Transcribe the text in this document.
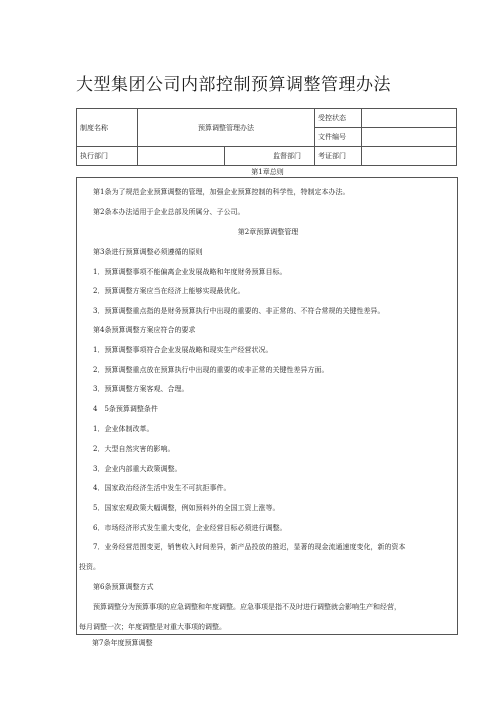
大型集团公司内部控制预算调整管理办法
制度名称	预算调整管理办法		受控状态	
			文件编号	
执行部门		监督部门	考证部门	
第1章总则
第1条为了规范企业预算调整的管理，加强企业预算控制的科学性，特制定本办法。
第2条本办法适用于企业总部及所属分、子公司。
第2章预算调整管理
第3条进行预算调整必须遵循的原则
1．预算调整事项不能偏离企业发展战略和年度财务预算目标。
2．预算调整方案应当在经济上能够实现最优化。
3．预算调整重点指的是财务预算执行中出现的重要的、非正常的、不符合常规的关键性差异。
第4条预算调整方案应符合的要求
1．预算调整事项符合企业发展战略和现实生产经营状况。
2．预算调整重点放在预算执行中出现的重要的或非正常的关键性差异方面。
3．预算调整方案客观、合理。
4　5条预算调整条件
1．企业体制改革。
2．大型自然灾害的影响。
3．企业内部重大政策调整。
4．国家政治经济生活中发生不可抗拒事件。
5．国家宏观政策大幅调整，例如预料外的全国工资上涨等。
6．市场经济形式发生重大变化，企业经营目标必须进行调整。
7．业务经营范围变更，销售收入时间差异，新产品投放的推迟，显著的现金流通速度变化，新的资本
投资。
第6条预算调整方式
预算调整分为预算事项的应急调整和年度调整。应急事项是指不及时进行调整就会影响生产和经营，
每月调整一次；年度调整是对重大事项的调整。
第7条年度预算调整
